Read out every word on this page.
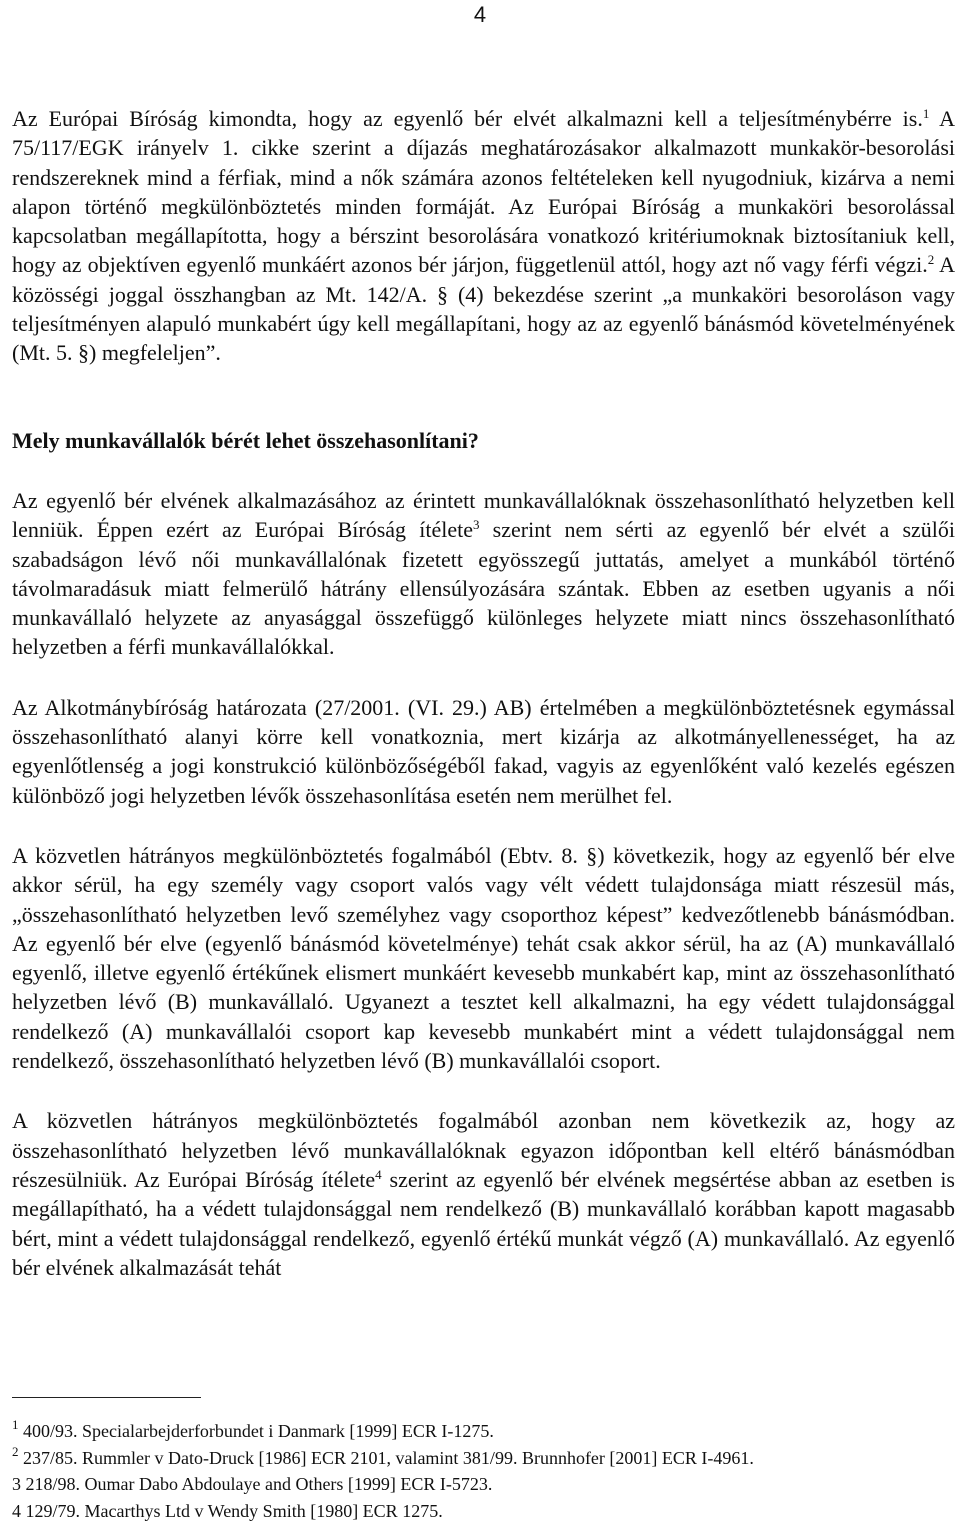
4

Az Európai Bíróság kimondta, hogy az egyenlő bér elvét alkalmazni kell a teljesítménybérre is.$^1$ A 75/117/EGK irányelv 1. cikke szerint a díjazás meghatározásakor alkalmazott munkakör-besorolási rendszereknek mind a férfiak, mind a nők számára azonos feltételeken kell nyugodniuk, kizárva a nemi alapon történő megkülönböztetés minden formáját. Az Európai Bíróság a munkaköri besorolással kapcsolatban megállapította, hogy a bérszint besorolására vonatkozó kritériumoknak biztosítaniuk kell, hogy az objektíven egyenlő munkáért azonos bér járjon, függetlenül attól, hogy azt nő vagy férfi végzi.$^2$ A közösségi joggal összhangban az Mt. 142/A. § (4) bekezdése szerint „a munkaköri besoroláson vagy teljesítményen alapuló munkabért úgy kell megállapítani, hogy az az egyenlő bánásmód követelményének (Mt. 5. §) megfeleljen”.

Mely munkavállalók bérét lehet összehasonlítani?

Az egyenlő bér elvének alkalmazásához az érintett munkavállalóknak összehasonlítható helyzetben kell lenniük. Éppen ezért az Európai Bíróság ítélete$^3$ szerint nem sérti az egyenlő bér elvét a szülői szabadságon lévő női munkavállalónak fizetett egyösszegű juttatás, amelyet a munkából történő távolmaradásuk miatt felmerülő hátrány ellensúlyozására szántak. Ebben az esetben ugyanis a női munkavállaló helyzete az anyasággal összefüggő különleges helyzete miatt nincs összehasonlítható helyzetben a férfi munkavállalókkal.

Az Alkotmánybíróság határozata (27/2001. (VI. 29.) AB) értelmében a megkülönböztetésnek egymással összehasonlítható alanyi körre kell vonatkoznia, mert kizárja az alkotmányellenességet, ha az egyenlőtlenség a jogi konstrukció különbözőségéből fakad, vagyis az egyenlőként való kezelés egészen különböző jogi helyzetben lévők összehasonlítása esetén nem merülhet fel.

A közvetlen hátrányos megkülönböztetés fogalmából (Ebtv. 8. §) következik, hogy az egyenlő bér elve akkor sérül, ha egy személy vagy csoport valós vagy vélt védett tulajdonsága miatt részesül más, „összehasonlítható helyzetben levő személyhez vagy csoporthoz képest” kedvezőtlenebb bánásmódban. Az egyenlő bér elve (egyenlő bánásmód követelménye) tehát csak akkor sérül, ha az (A) munkavállaló egyenlő, illetve egyenlő értékűnek elismert munkáért kevesebb munkabért kap, mint az összehasonlítható helyzetben lévő (B) munkavállaló. Ugyanezt a tesztet kell alkalmazni, ha egy védett tulajdonsággal rendelkező (A) munkavállalói csoport kap kevesebb munkabért mint a védett tulajdonsággal nem rendelkező, összehasonlítható helyzetben lévő (B) munkavállalói csoport.

A közvetlen hátrányos megkülönböztetés fogalmából azonban nem következik az, hogy az összehasonlítható helyzetben lévő munkavállalóknak egyazon időpontban kell eltérő bánásmódban részesülniük. Az Európai Bíróság ítélete$^4$ szerint az egyenlő bér elvének megsértése abban az esetben is megállapítható, ha a védett tulajdonsággal nem rendelkező (B) munkavállaló korábban kapott magasabb bért, mint a védett tulajdonsággal rendelkező, egyenlő értékű munkát végző (A) munkavállaló. Az egyenlő bér elvének alkalmazását tehát

$^1$ 400/93. Specialarbejderforbundet i Danmark [1999] ECR I-1275.

$^2$ 237/85. Rummler v Dato-Druck [1986] ECR 2101, valamint 381/99. Brunnhofer [2001] ECR I-4961.

3 218/98. Oumar Dabo Abdoulaye and Others [1999] ECR I-5723.

4 129/79. Macarthys Ltd v Wendy Smith [1980] ECR 1275.
